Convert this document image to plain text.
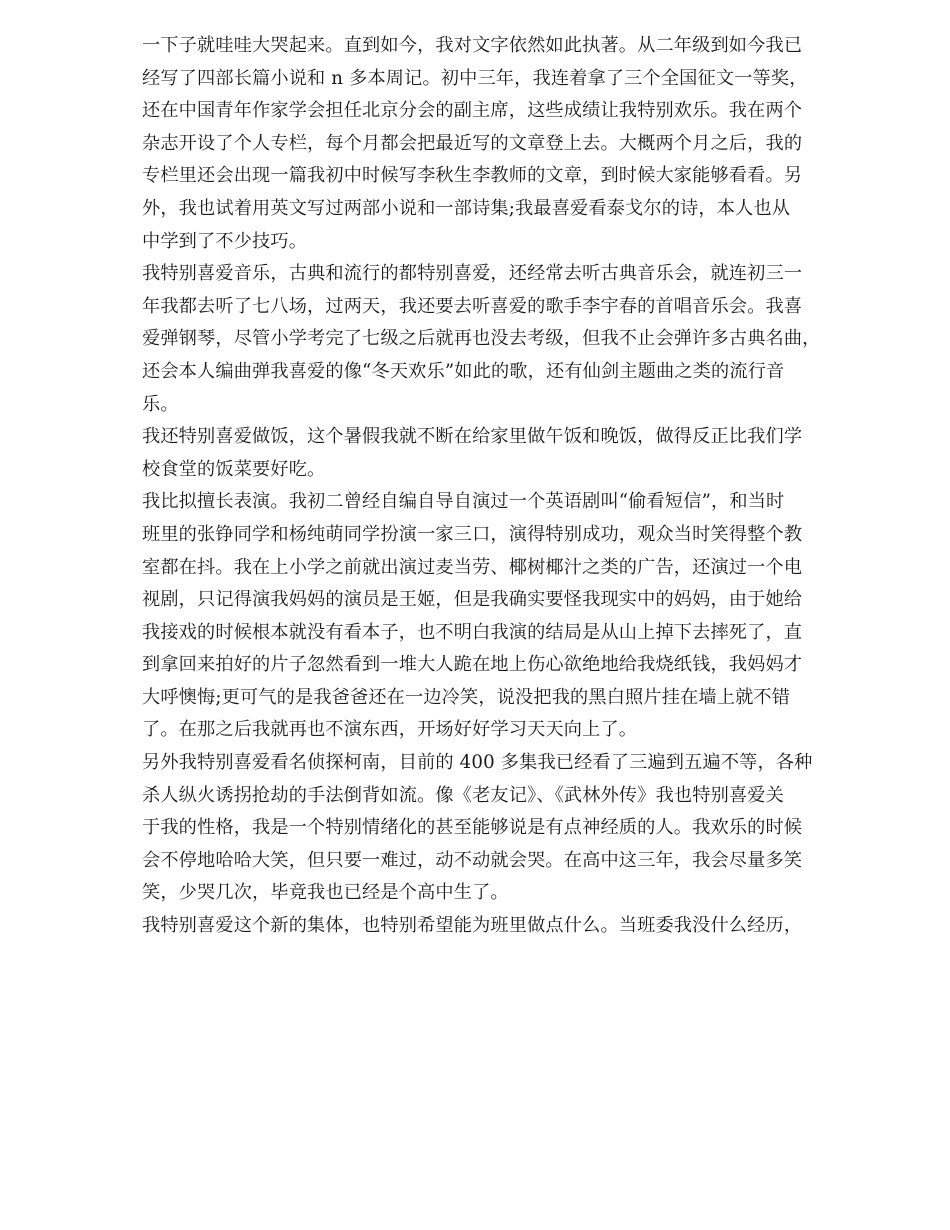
一下子就哇哇大哭起来。直到如今，我对文字依然如此执著。从二年级到如今我已
经写了四部长篇小说和 n 多本周记。初中三年，我连着拿了三个全国征文一等奖，
还在中国青年作家学会担任北京分会的副主席，这些成绩让我特别欢乐。我在两个
杂志开设了个人专栏，每个月都会把最近写的文章登上去。大概两个月之后，我的
专栏里还会出现一篇我初中时候写李秋生李教师的文章，到时候大家能够看看。另
外，我也试着用英文写过两部小说和一部诗集;我最喜爱看泰戈尔的诗，本人也从
中学到了不少技巧。
我特别喜爱音乐，古典和流行的都特别喜爱，还经常去听古典音乐会，就连初三一
年我都去听了七八场，过两天，我还要去听喜爱的歌手李宇春的首唱音乐会。我喜
爱弹钢琴，尽管小学考完了七级之后就再也没去考级，但我不止会弹许多古典名曲，
还会本人编曲弹我喜爱的像“冬天欢乐”如此的歌，还有仙剑主题曲之类的流行音
乐。
我还特别喜爱做饭，这个暑假我就不断在给家里做午饭和晚饭，做得反正比我们学
校食堂的饭菜要好吃。
我比拟擅长表演。我初二曾经自编自导自演过一个英语剧叫“偷看短信”，和当时
班里的张铮同学和杨纯萌同学扮演一家三口，演得特别成功，观众当时笑得整个教
室都在抖。我在上小学之前就出演过麦当劳、椰树椰汁之类的广告，还演过一个电
视剧，只记得演我妈妈的演员是王姬，但是我确实要怪我现实中的妈妈，由于她给
我接戏的时候根本就没有看本子，也不明白我演的结局是从山上掉下去摔死了，直
到拿回来拍好的片子忽然看到一堆大人跪在地上伤心欲绝地给我烧纸钱，我妈妈才
大呼懊悔;更可气的是我爸爸还在一边冷笑，说没把我的黑白照片挂在墙上就不错
了。在那之后我就再也不演东西，开场好好学习天天向上了。
另外我特别喜爱看名侦探柯南，目前的 400 多集我已经看了三遍到五遍不等，各种
杀人纵火诱拐抢劫的手法倒背如流。像《老友记》、《武林外传》我也特别喜爱关
于我的性格，我是一个特别情绪化的甚至能够说是有点神经质的人。我欢乐的时候
会不停地哈哈大笑，但只要一难过，动不动就会哭。在高中这三年，我会尽量多笑
笑，少哭几次，毕竟我也已经是个高中生了。
我特别喜爱这个新的集体，也特别希望能为班里做点什么。当班委我没什么经历，
